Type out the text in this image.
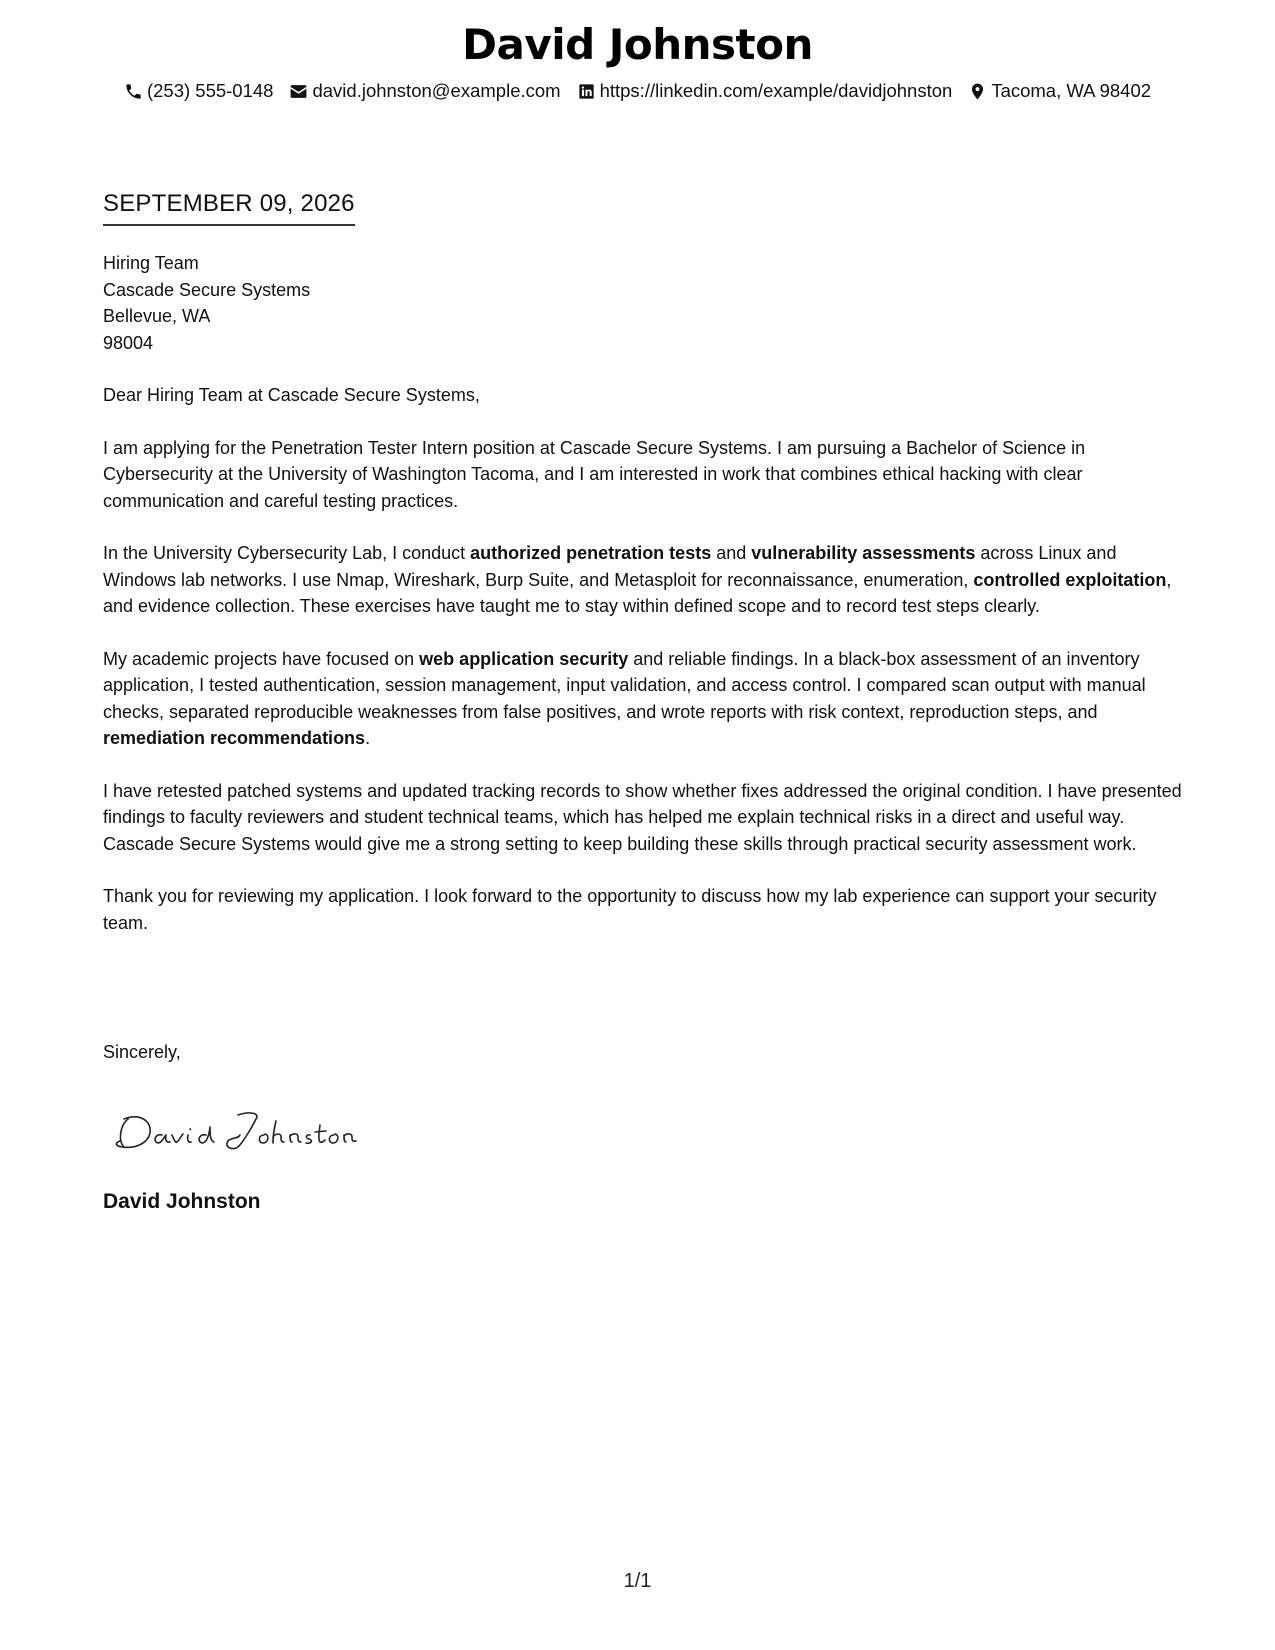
David Johnston
(253) 555-0148 david.johnston@example.com https://linkedin.com/example/davidjohnston Tacoma, WA 98402
SEPTEMBER 09, 2026
Hiring Team
Cascade Secure Systems
Bellevue, WA
98004

Dear Hiring Team at Cascade Secure Systems,

I am applying for the Penetration Tester Intern position at Cascade Secure Systems. I am pursuing a Bachelor of Science in Cybersecurity at the University of Washington Tacoma, and I am interested in work that combines ethical hacking with clear communication and careful testing practices.

In the University Cybersecurity Lab, I conduct authorized penetration tests and vulnerability assessments across Linux and Windows lab networks. I use Nmap, Wireshark, Burp Suite, and Metasploit for reconnaissance, enumeration, controlled exploitation, and evidence collection. These exercises have taught me to stay within defined scope and to record test steps clearly.

My academic projects have focused on web application security and reliable findings. In a black-box assessment of an inventory application, I tested authentication, session management, input validation, and access control. I compared scan output with manual checks, separated reproducible weaknesses from false positives, and wrote reports with risk context, reproduction steps, and remediation recommendations.

I have retested patched systems and updated tracking records to show whether fixes addressed the original condition. I have presented findings to faculty reviewers and student technical teams, which has helped me explain technical risks in a direct and useful way. Cascade Secure Systems would give me a strong setting to keep building these skills through practical security assessment work.

Thank you for reviewing my application. I look forward to the opportunity to discuss how my lab experience can support your security team.

Sincerely,
David Johnston
1/1
